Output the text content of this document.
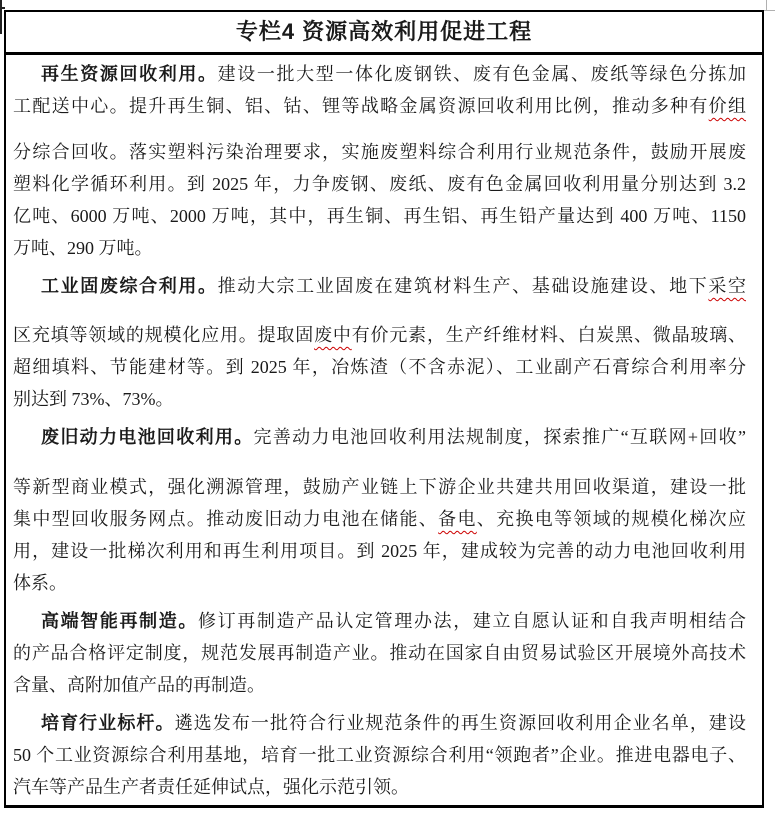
专栏4 资源高效利用促进工程
再生资源回收利用。建设一批大型一体化废钢铁、废有色金属、废纸等绿色分拣加
工配送中心。提升再生铜、铝、钴、锂等战略金属资源回收利用比例，推动多种有价组
分综合回收。落实塑料污染治理要求，实施废塑料综合利用行业规范条件，鼓励开展废
塑料化学循环利用。到 2025 年，力争废钢、废纸、废有色金属回收利用量分别达到 3.2
亿吨、6000 万吨、2000 万吨，其中，再生铜、再生铝、再生铅产量达到 400 万吨、1150
万吨、290 万吨。
工业固废综合利用。推动大宗工业固废在建筑材料生产、基础设施建设、地下采空
区充填等领域的规模化应用。提取固废中有价元素，生产纤维材料、白炭黑、微晶玻璃、
超细填料、节能建材等。到 2025 年，冶炼渣（不含赤泥）、工业副产石膏综合利用率分
别达到 73%、73%。
废旧动力电池回收利用。完善动力电池回收利用法规制度，探索推广“互联网+回收”
等新型商业模式，强化溯源管理，鼓励产业链上下游企业共建共用回收渠道，建设一批
集中型回收服务网点。推动废旧动力电池在储能、备电、充换电等领域的规模化梯次应
用，建设一批梯次利用和再生利用项目。到 2025 年，建成较为完善的动力电池回收利用
体系。
高端智能再制造。修订再制造产品认定管理办法，建立自愿认证和自我声明相结合
的产品合格评定制度，规范发展再制造产业。推动在国家自由贸易试验区开展境外高技术
含量、高附加值产品的再制造。
培育行业标杆。遴选发布一批符合行业规范条件的再生资源回收利用企业名单，建设
50 个工业资源综合利用基地，培育一批工业资源综合利用“领跑者”企业。推进电器电子、
汽车等产品生产者责任延伸试点，强化示范引领。
